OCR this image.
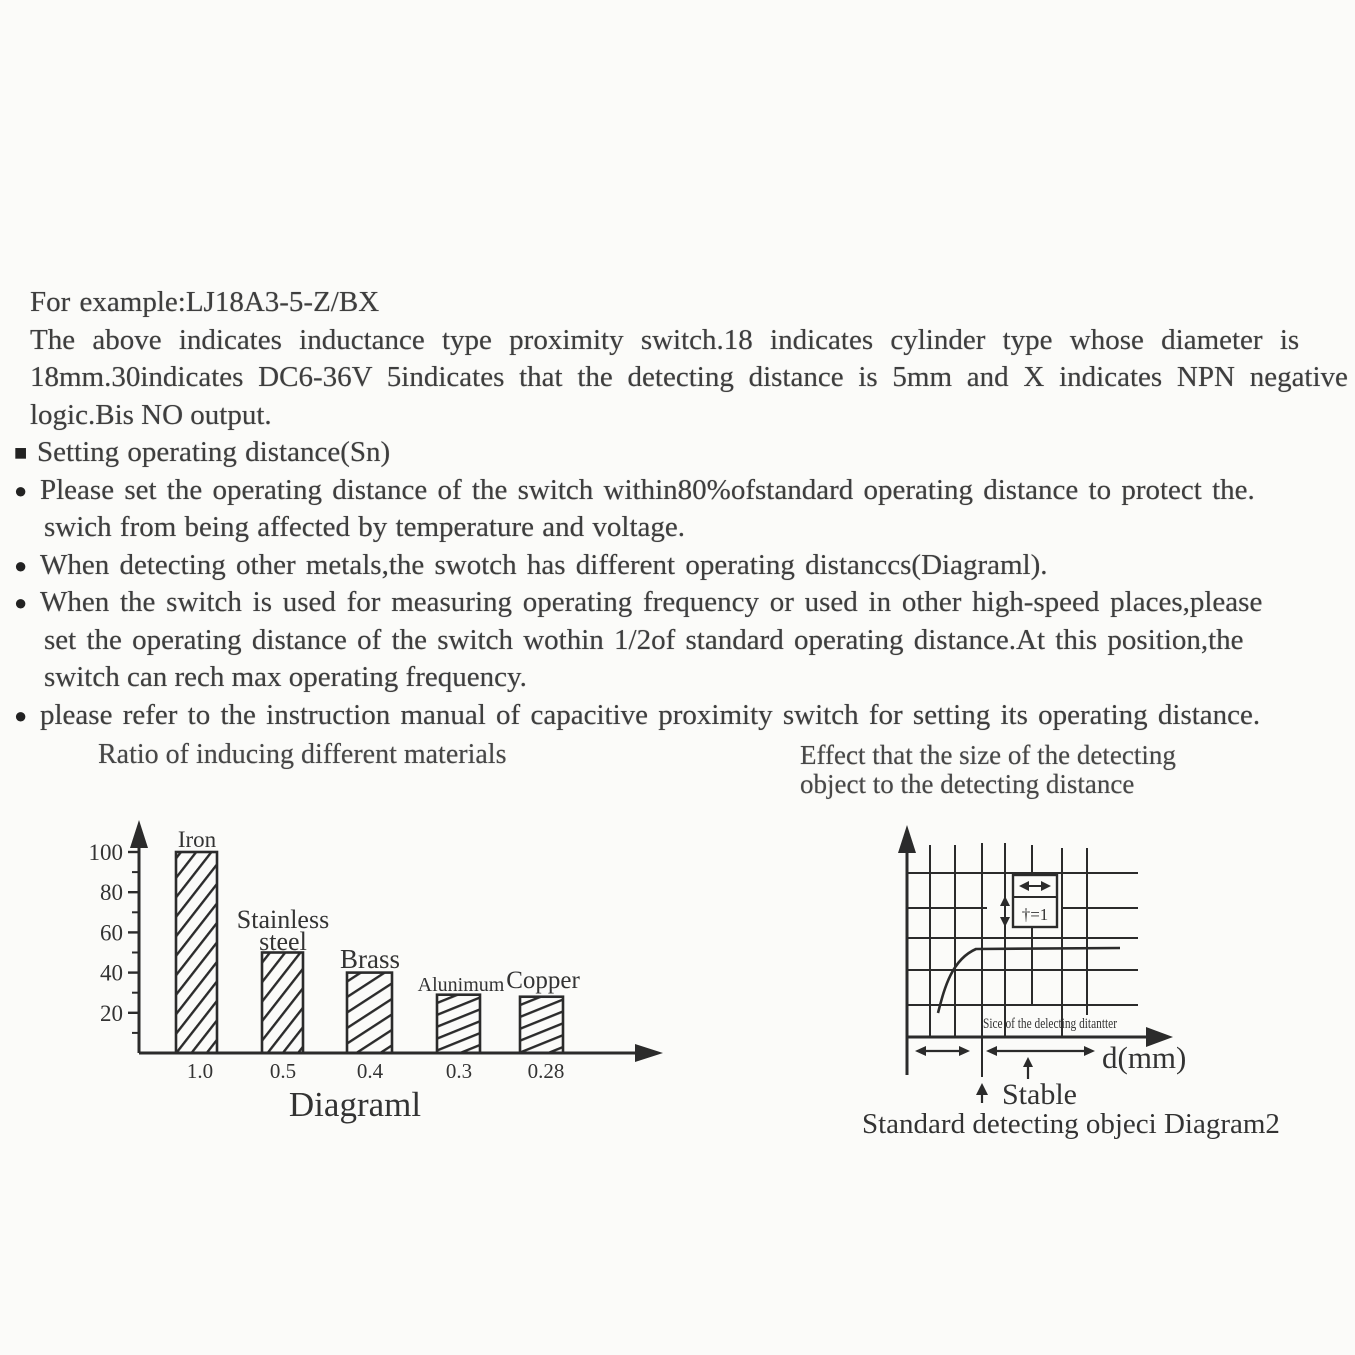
For example:LJ18A3-5-Z/BX
The above indicates inductance type proximity switch.18 indicates cylinder type whose diameter is
18mm.30indicates DC6-36V 5indicates that the detecting distance is 5mm and X indicates NPN negative
logic.Bis NO output.
■ Setting operating distance(Sn)
● Please set the operating distance of the switch within80%ofstandard operating distance to protect the.
swich from being affected by temperature and voltage.
● When detecting other metals,the swotch has different operating distanccs(Diagraml).
● When the switch is used for measuring operating frequency or used in other high-speed places,please
set the operating distance of the switch wothin 1/2of standard operating distance.At this position,the
switch can rech max operating frequency.
● please refer to the instruction manual of capacitive proximity switch for setting its operating distance.
Ratio of inducing different materials
20
40
60
80
100
Iron
Stainless
steel
Brass
Alunimum Copper
1.0	0.5	0.4	0.3	0.28
Diagraml
Effect that the size of the detecting
object to the detecting distance
†=1
Sice of the delecting ditantter
d(mm)
Stable
Standard detecting objeci Diagram2
